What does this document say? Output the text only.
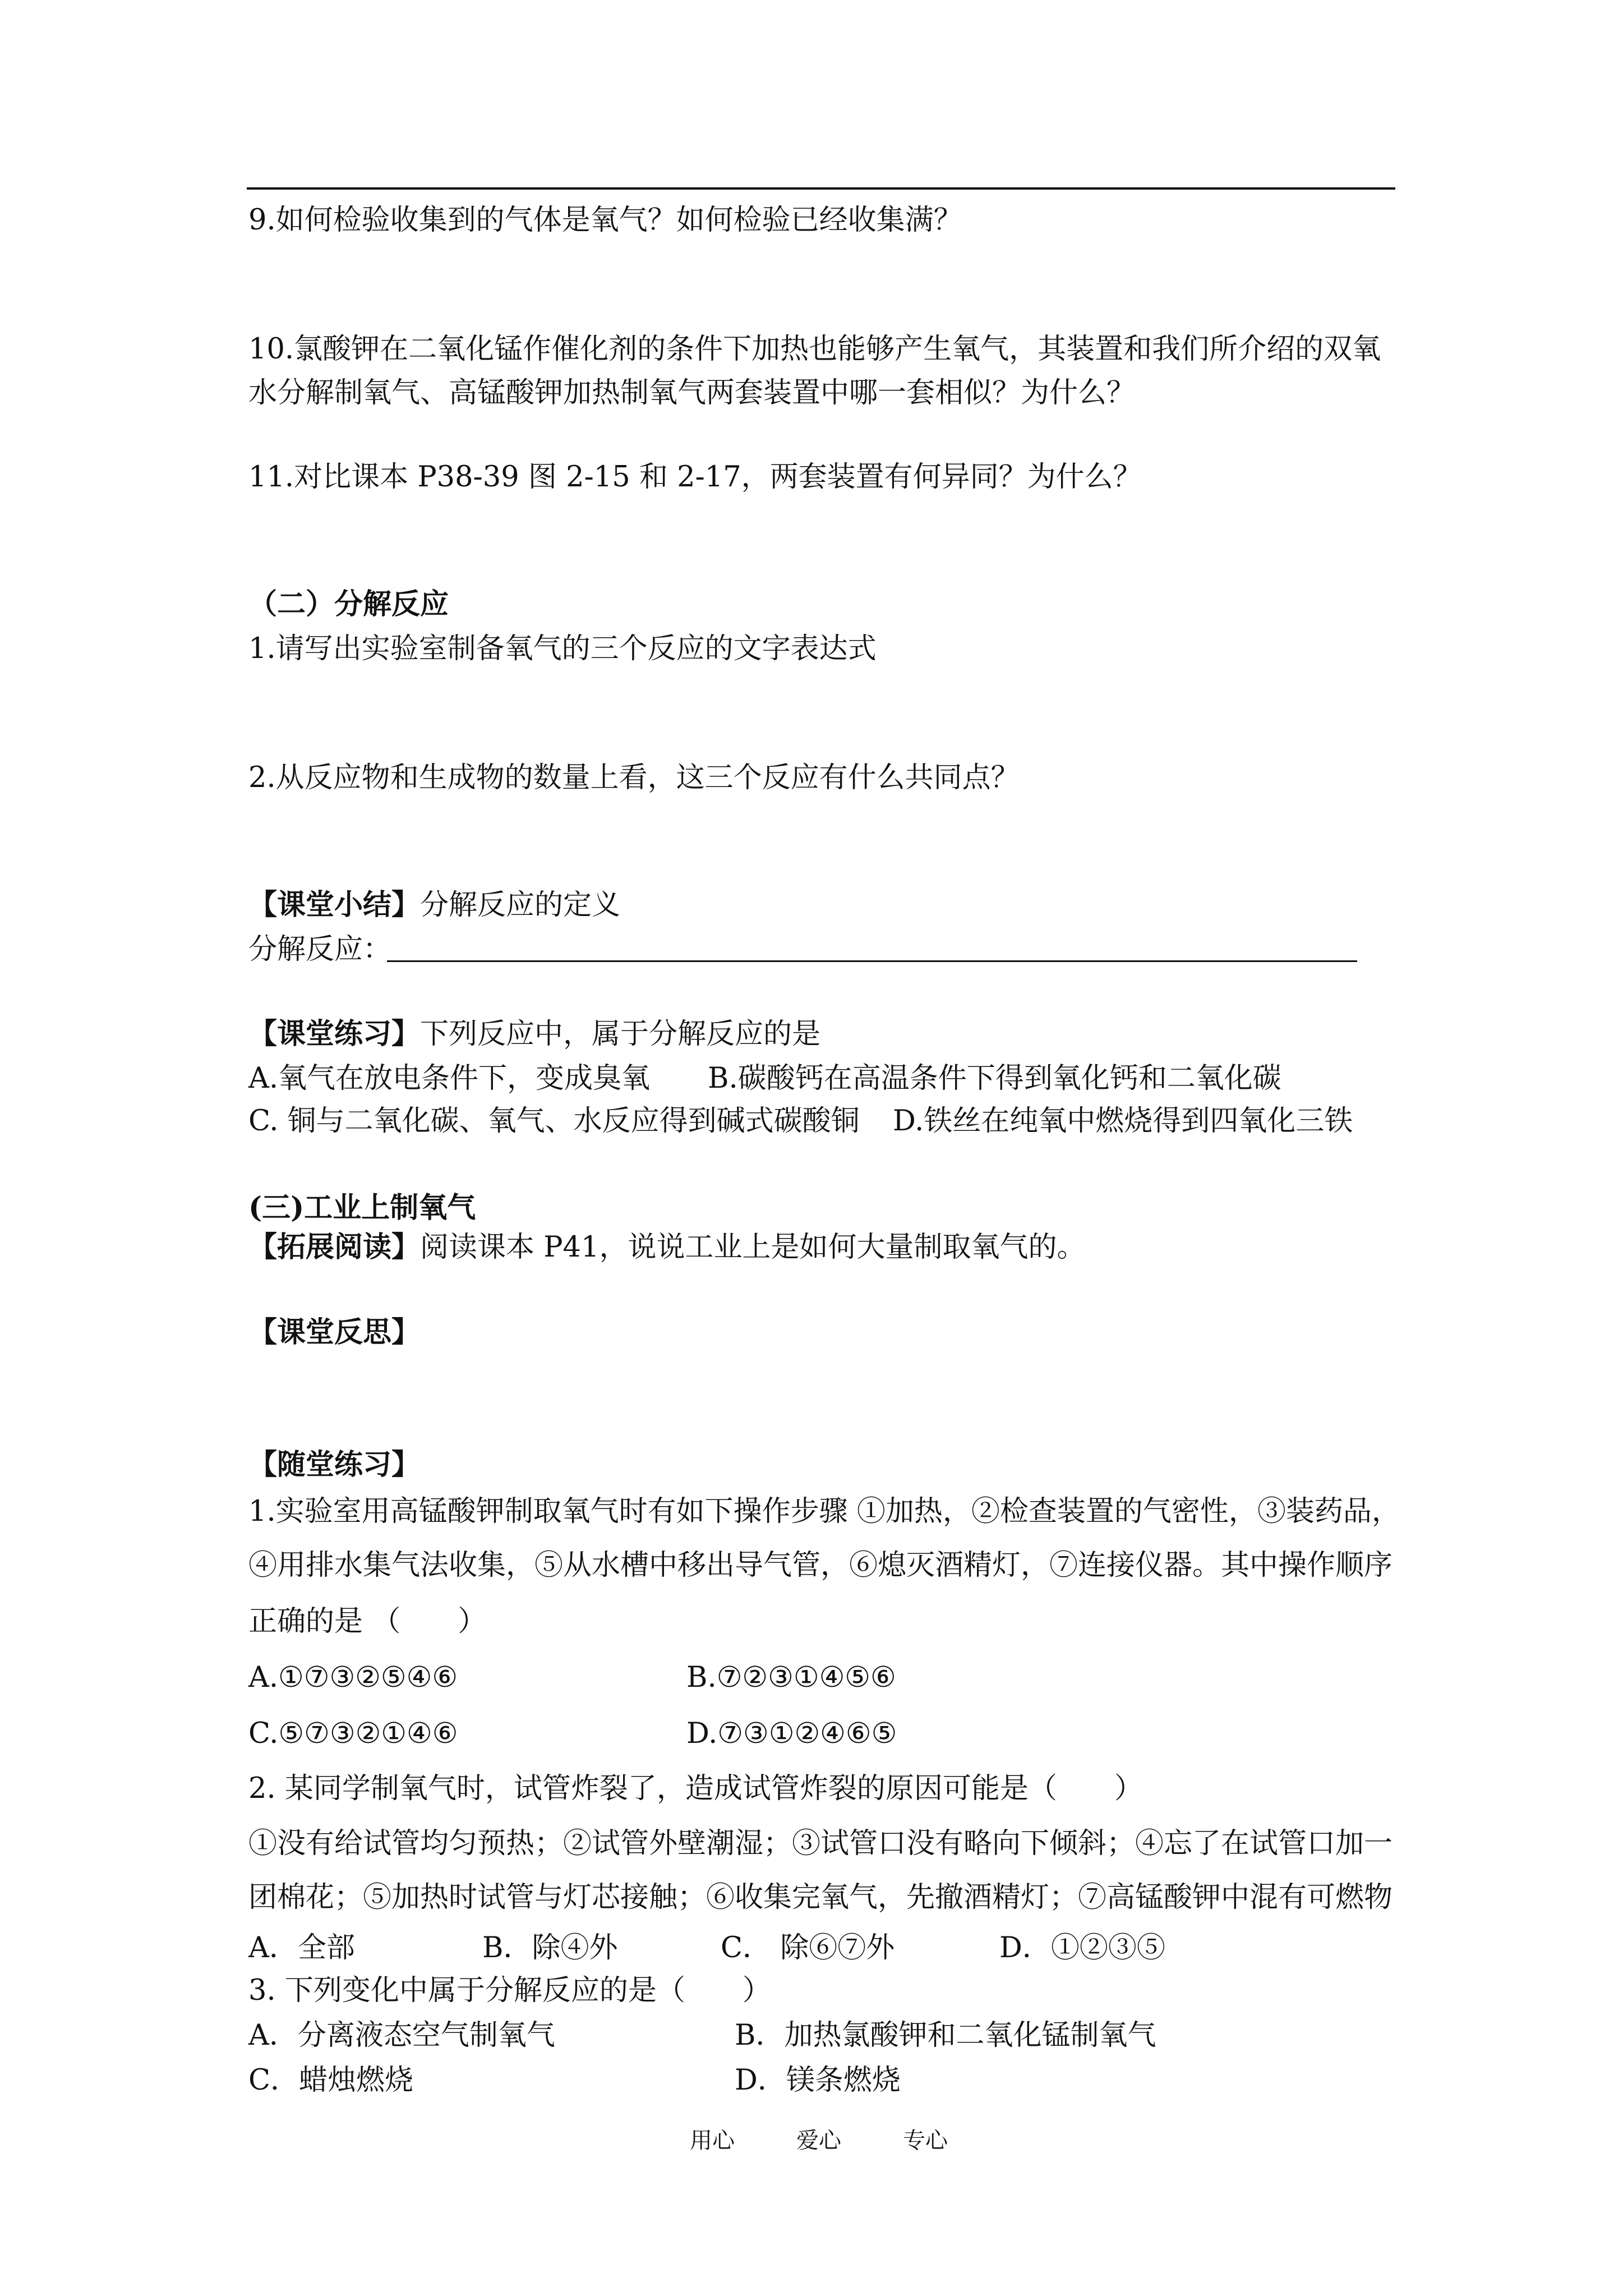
9.如何检验收集到的气体是氧气？如何检验已经收集满？
10.氯酸钾在二氧化锰作催化剂的条件下加热也能够产生氧气，其装置和我们所介绍的双氧
水分解制氧气、高锰酸钾加热制氧气两套装置中哪一套相似？为什么？
11.对比课本 P38-39 图 2-15 和 2-17，两套装置有何异同？为什么？
（二）分解反应
1.请写出实验室制备氧气的三个反应的文字表达式
2.从反应物和生成物的数量上看，这三个反应有什么共同点？
【课堂小结】分解反应的定义
分解反应：
【课堂练习】下列反应中，属于分解反应的是
A.氧气在放电条件下，变成臭氧 B.碳酸钙在高温条件下得到氧化钙和二氧化碳
C. 铜与二氧化碳、氧气、水反应得到碱式碳酸铜 D.铁丝在纯氧中燃烧得到四氧化三铁
(三)工业上制氧气
【拓展阅读】阅读课本 P41，说说工业上是如何大量制取氧气的。
【课堂反思】
【随堂练习】
1.实验室用高锰酸钾制取氧气时有如下操作步骤 ①加热，②检查装置的气密性，③装药品，
④用排水集气法收集，⑤从水槽中移出导气管，⑥熄灭酒精灯，⑦连接仪器。其中操作顺序
正确的是 （　　）
A.①⑦③②⑤④⑥	B.⑦②③①④⑤⑥
C.⑤⑦③②①④⑥	D.⑦③①②④⑥⑤
2. 某同学制氧气时，试管炸裂了，造成试管炸裂的原因可能是（　　）
①没有给试管均匀预热；②试管外壁潮湿；③试管口没有略向下倾斜；④忘了在试管口加一
团棉花；⑤加热时试管与灯芯接触；⑥收集完氧气，先撤酒精灯；⑦高锰酸钾中混有可燃物
A．全部	B．除④外	C． 除⑥⑦外	D．①②③⑤
3. 下列变化中属于分解反应的是（　　）
A．分离液态空气制氧气	B．加热氯酸钾和二氧化锰制氧气
C．蜡烛燃烧	D．镁条燃烧
用心	爱心	专心
